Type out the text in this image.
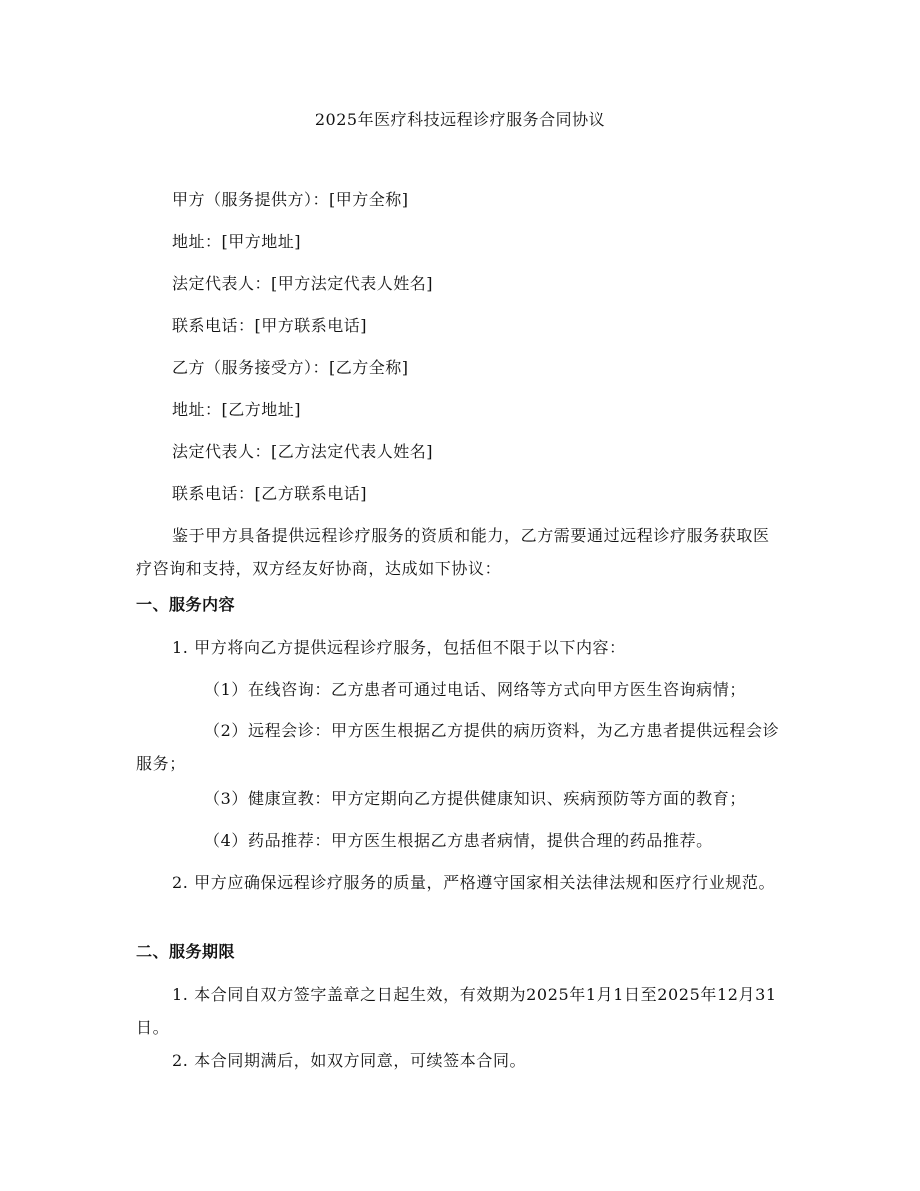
2025年医疗科技远程诊疗服务合同协议
甲方（服务提供方）：[甲方全称]
地址：[甲方地址]
法定代表人：[甲方法定代表人姓名]
联系电话：[甲方联系电话]
乙方（服务接受方）：[乙方全称]
地址：[乙方地址]
法定代表人：[乙方法定代表人姓名]
联系电话：[乙方联系电话]

鉴于甲方具备提供远程诊疗服务的资质和能力，乙方需要通过远程诊疗服务获取医疗咨询和支持，双方经友好协商，达成如下协议：

一、服务内容

1. 甲方将向乙方提供远程诊疗服务，包括但不限于以下内容：

（1）在线咨询：乙方患者可通过电话、网络等方式向甲方医生咨询病情；

（2）远程会诊：甲方医生根据乙方提供的病历资料，为乙方患者提供远程会诊服务；

（3）健康宣教：甲方定期向乙方提供健康知识、疾病预防等方面的教育；

（4）药品推荐：甲方医生根据乙方患者病情，提供合理的药品推荐。

2. 甲方应确保远程诊疗服务的质量，严格遵守国家相关法律法规和医疗行业规范。

二、服务期限

1. 本合同自双方签字盖章之日起生效，有效期为2025年1月1日至2025年12月31日。

2. 本合同期满后，如双方同意，可续签本合同。
